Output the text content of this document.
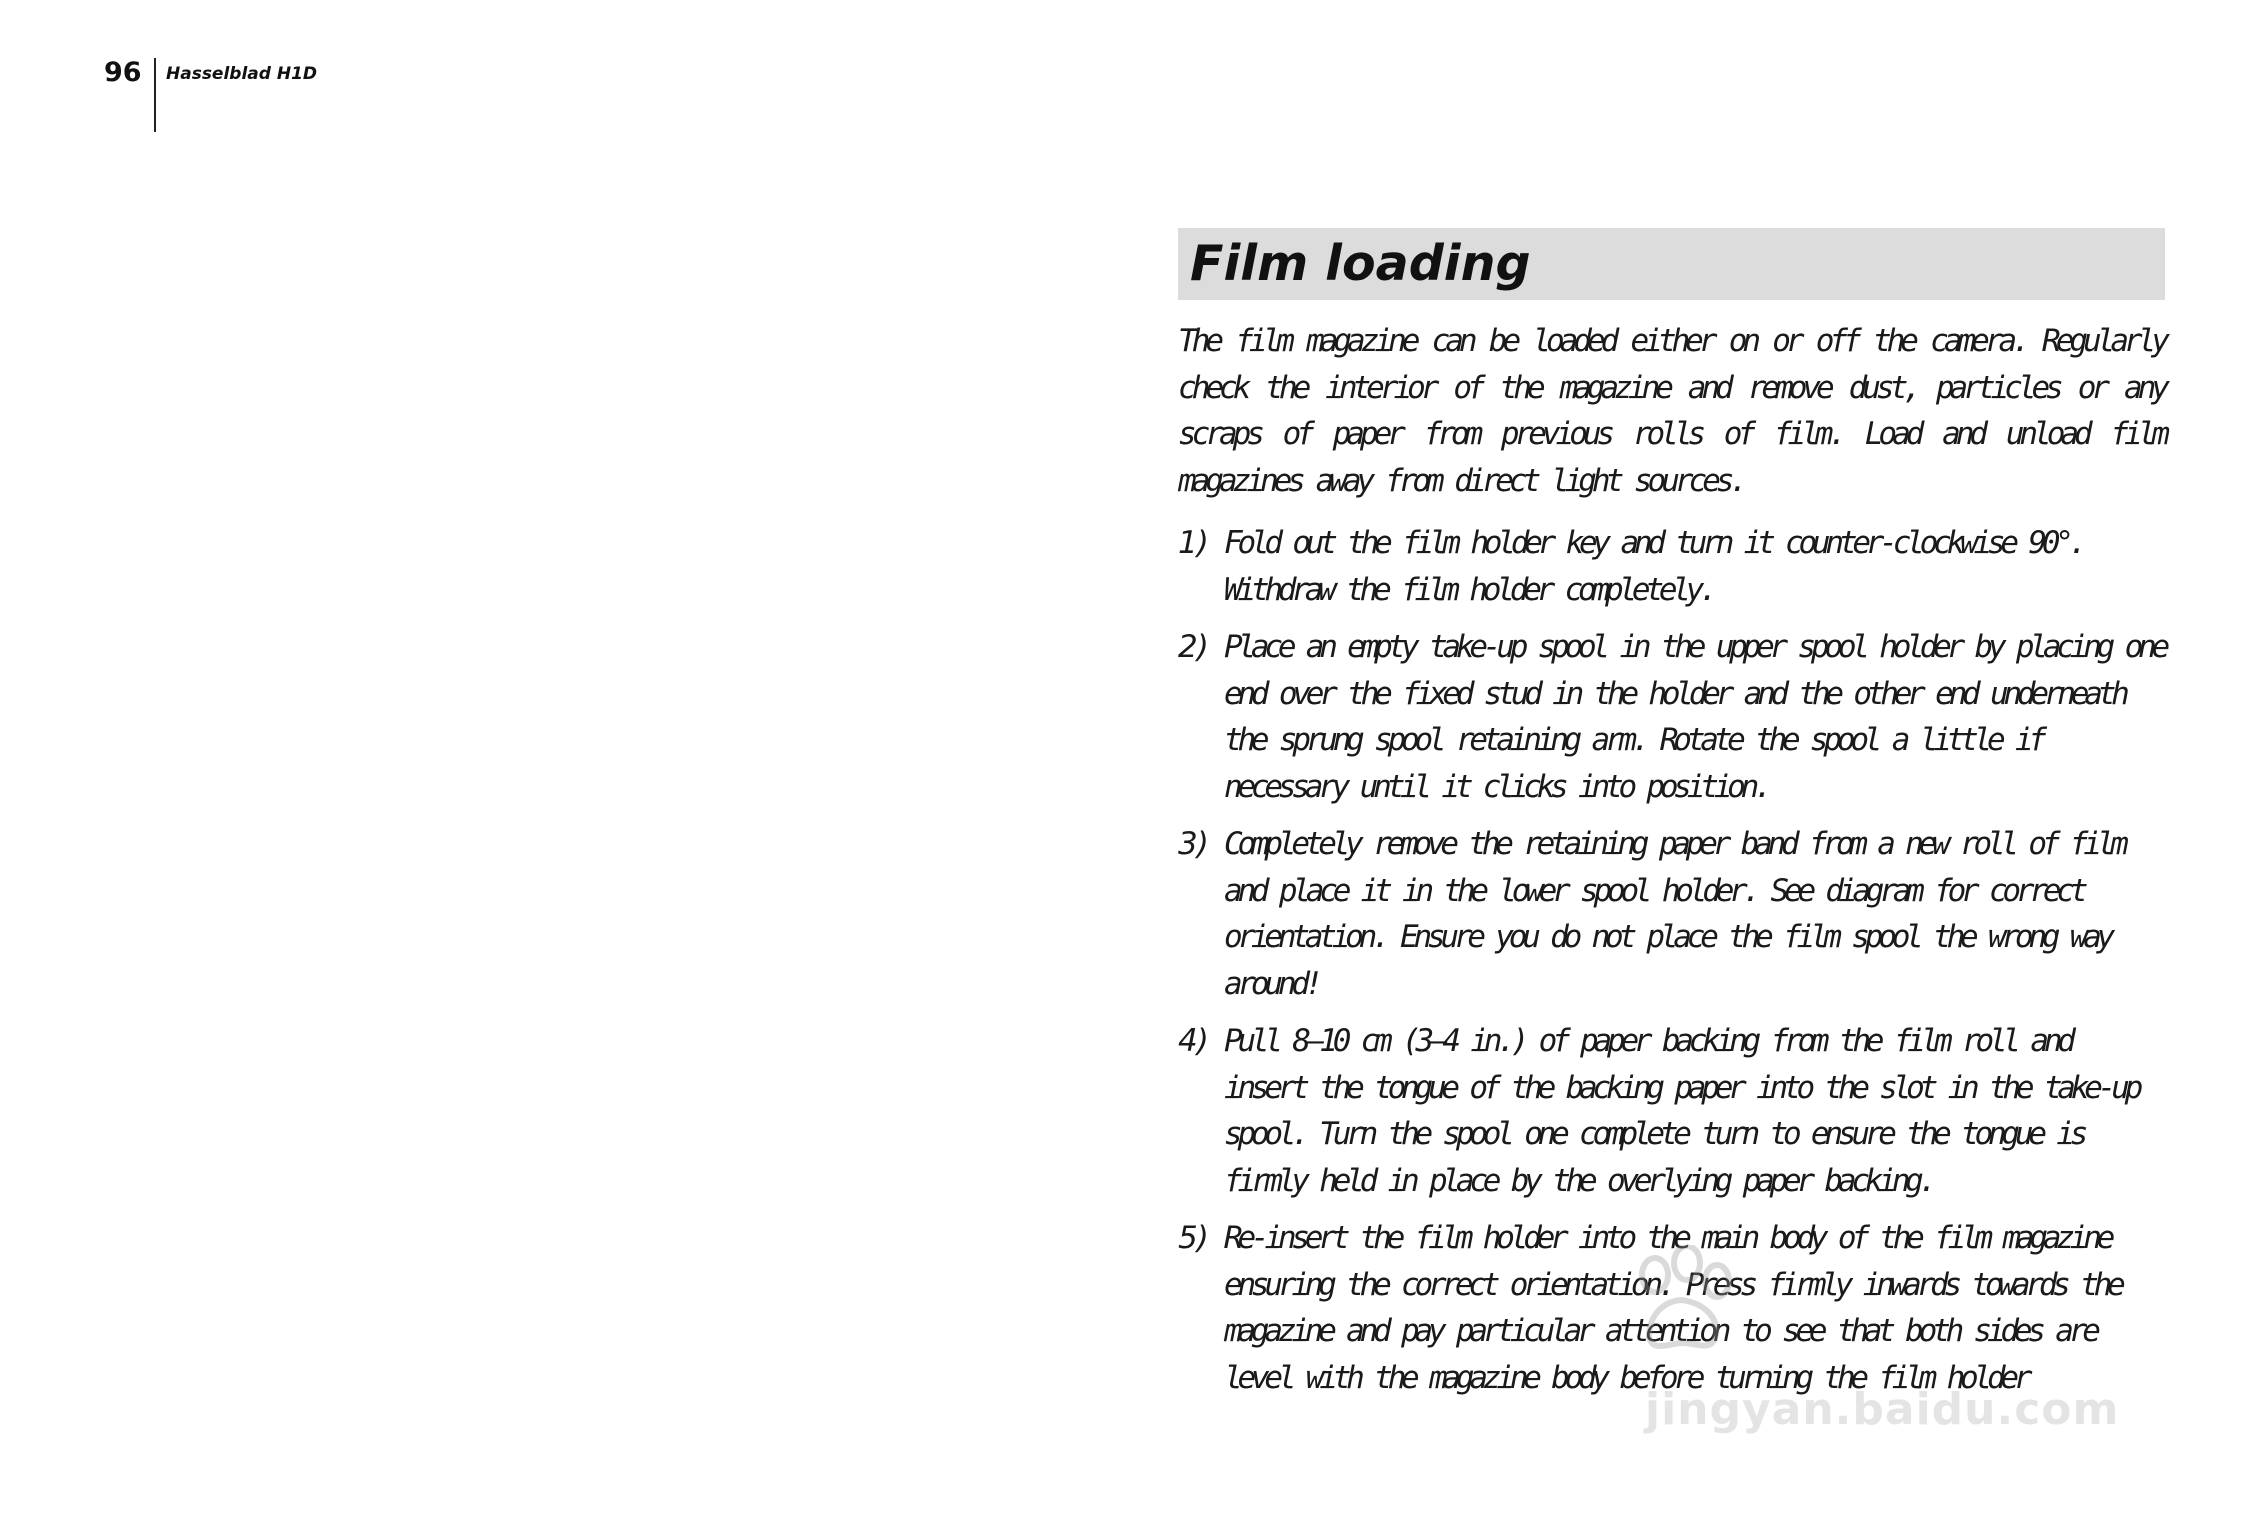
96 Hasselblad H1D
Film loading

The film magazine can be loaded either on or off the camera. Regularly check the interior of the magazine and remove dust, particles or any scraps of paper from previous rolls of film. Load and unload film magazines away from direct light sources.

1) Fold out the film holder key and turn it counter-clockwise 90°. Withdraw the film holder completely.
2) Place an empty take-up spool in the upper spool holder by placing one end over the fixed stud in the holder and the other end underneath the sprung spool retaining arm. Rotate the spool a little if necessary until it clicks into position.
3) Completely remove the retaining paper band from a new roll of film and place it in the lower spool holder. See diagram for correct orientation. Ensure you do not place the film spool the wrong way around!
4) Pull 8–10 cm (3–4 in.) of paper backing from the film roll and insert the tongue of the backing paper into the slot in the take-up spool. Turn the spool one complete turn to ensure the tongue is firmly held in place by the overlying paper backing.
5) Re-insert the film holder into the main body of the film magazine ensuring the correct orientation. Press firmly inwards towards the magazine and pay particular attention to see that both sides are level with the magazine body before turning the film holder
jingyan.baidu.com
